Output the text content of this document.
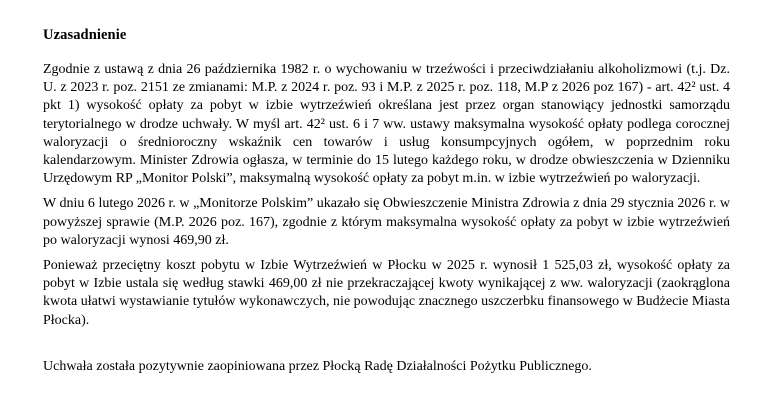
Uzasadnienie

Zgodnie z ustawą z dnia 26 października 1982 r. o wychowaniu w trzeźwości i przeciwdziałaniu alkoholizmowi (t.j. Dz. U. z 2023 r. poz. 2151 ze zmianami: M.P. z 2024 r. poz. 93 i M.P. z 2025 r. poz. 118, M.P z 2026 poz 167) - art. 42² ust. 4 pkt 1) wysokość opłaty za pobyt w izbie wytrzeźwień określana jest przez organ stanowiący jednostki samorządu terytorialnego w drodze uchwały. W myśl art. 42² ust. 6 i 7 ww. ustawy maksymalna wysokość opłaty podlega corocznej waloryzacji o średnioroczny wskaźnik cen towarów i usług konsumpcyjnych ogółem, w poprzednim roku kalendarzowym. Minister Zdrowia ogłasza, w terminie do 15 lutego każdego roku, w drodze obwieszczenia w Dzienniku Urzędowym RP „Monitor Polski”, maksymalną wysokość opłaty za pobyt m.in. w izbie wytrzeźwień po waloryzacji.

W dniu 6 lutego 2026 r. w „Monitorze Polskim” ukazało się Obwieszczenie Ministra Zdrowia z dnia 29 stycznia 2026 r. w powyższej sprawie (M.P. 2026 poz. 167), zgodnie z którym maksymalna wysokość opłaty za pobyt w izbie wytrzeźwień po waloryzacji wynosi 469,90 zł.

Ponieważ przeciętny koszt pobytu w Izbie Wytrzeźwień w Płocku w 2025 r. wynosił 1 525,03 zł, wysokość opłaty za pobyt w Izbie ustala się według stawki 469,00 zł nie przekraczającej kwoty wynikającej z ww. waloryzacji (zaokrąglona kwota ułatwi wystawianie tytułów wykonawczych, nie powodując znacznego uszczerbku finansowego w Budżecie Miasta Płocka).

Uchwała została pozytywnie zaopiniowana przez Płocką Radę Działalności Pożytku Publicznego.
